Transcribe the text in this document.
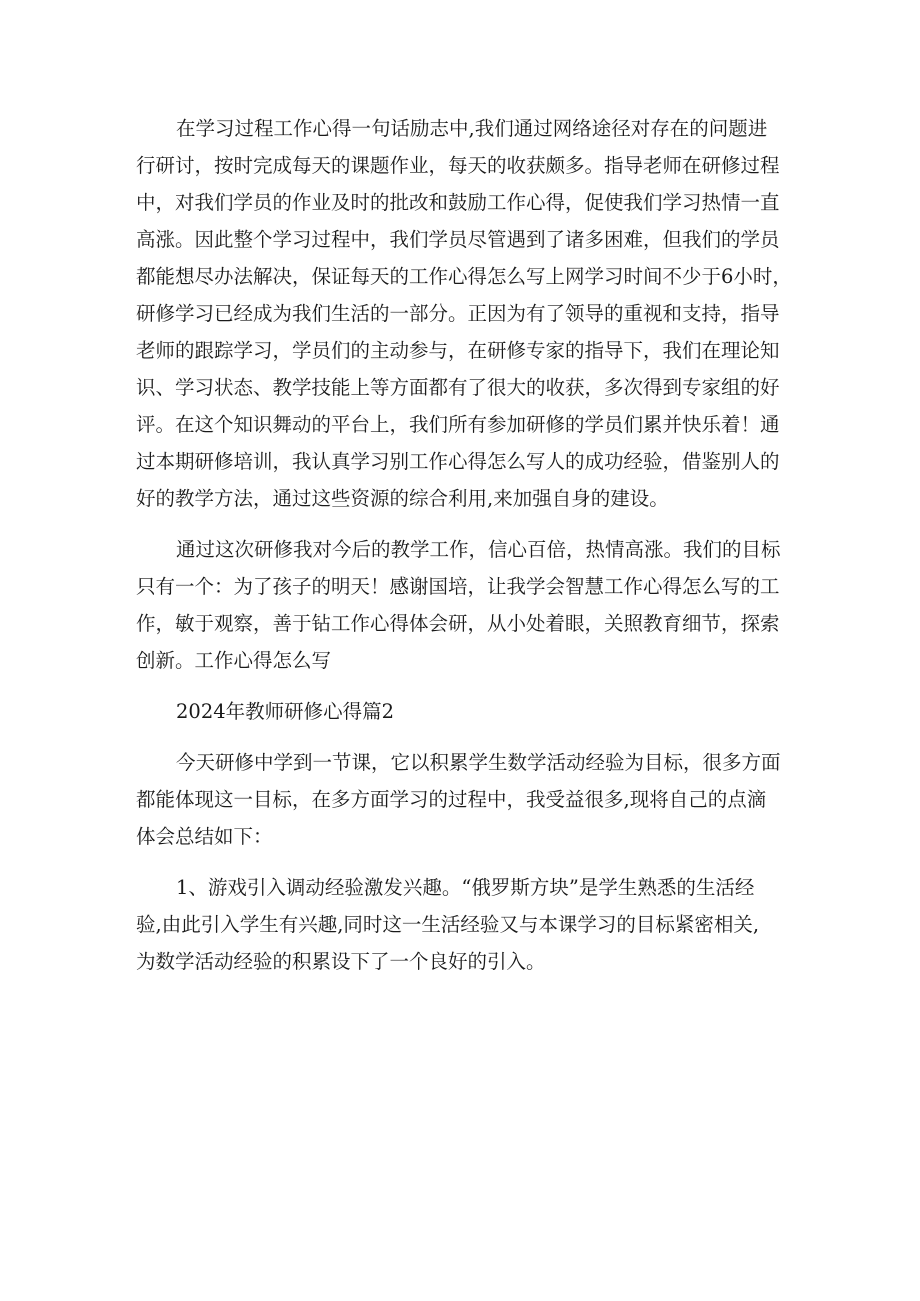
在学习过程工作心得一句话励志中,我们通过网络途径对存在的问题进
行研讨，按时完成每天的课题作业，每天的收获颇多。指导老师在研修过程
中，对我们学员的作业及时的批改和鼓励工作心得，促使我们学习热情一直
高涨。因此整个学习过程中，我们学员尽管遇到了诸多困难，但我们的学员
都能想尽办法解决，保证每天的工作心得怎么写上网学习时间不少于6小时，
研修学习已经成为我们生活的一部分。正因为有了领导的重视和支持，指导
老师的跟踪学习，学员们的主动参与，在研修专家的指导下，我们在理论知
识、学习状态、教学技能上等方面都有了很大的收获，多次得到专家组的好
评。在这个知识舞动的平台上，我们所有参加研修的学员们累并快乐着！通
过本期研修培训，我认真学习别工作心得怎么写人的成功经验，借鉴别人的
好的教学方法，通过这些资源的综合利用,来加强自身的建设。
通过这次研修我对今后的教学工作，信心百倍，热情高涨。我们的目标
只有一个：为了孩子的明天！感谢国培，让我学会智慧工作心得怎么写的工
作，敏于观察，善于钻工作心得体会研，从小处着眼，关照教育细节，探索
创新。工作心得怎么写
2024年教师研修心得篇2
今天研修中学到一节课，它以积累学生数学活动经验为目标，很多方面
都能体现这一目标，在多方面学习的过程中，我受益很多,现将自己的点滴
体会总结如下：
1、游戏引入调动经验激发兴趣。“俄罗斯方块”是学生熟悉的生活经
验,由此引入学生有兴趣,同时这一生活经验又与本课学习的目标紧密相关,
为数学活动经验的积累设下了一个良好的引入。
